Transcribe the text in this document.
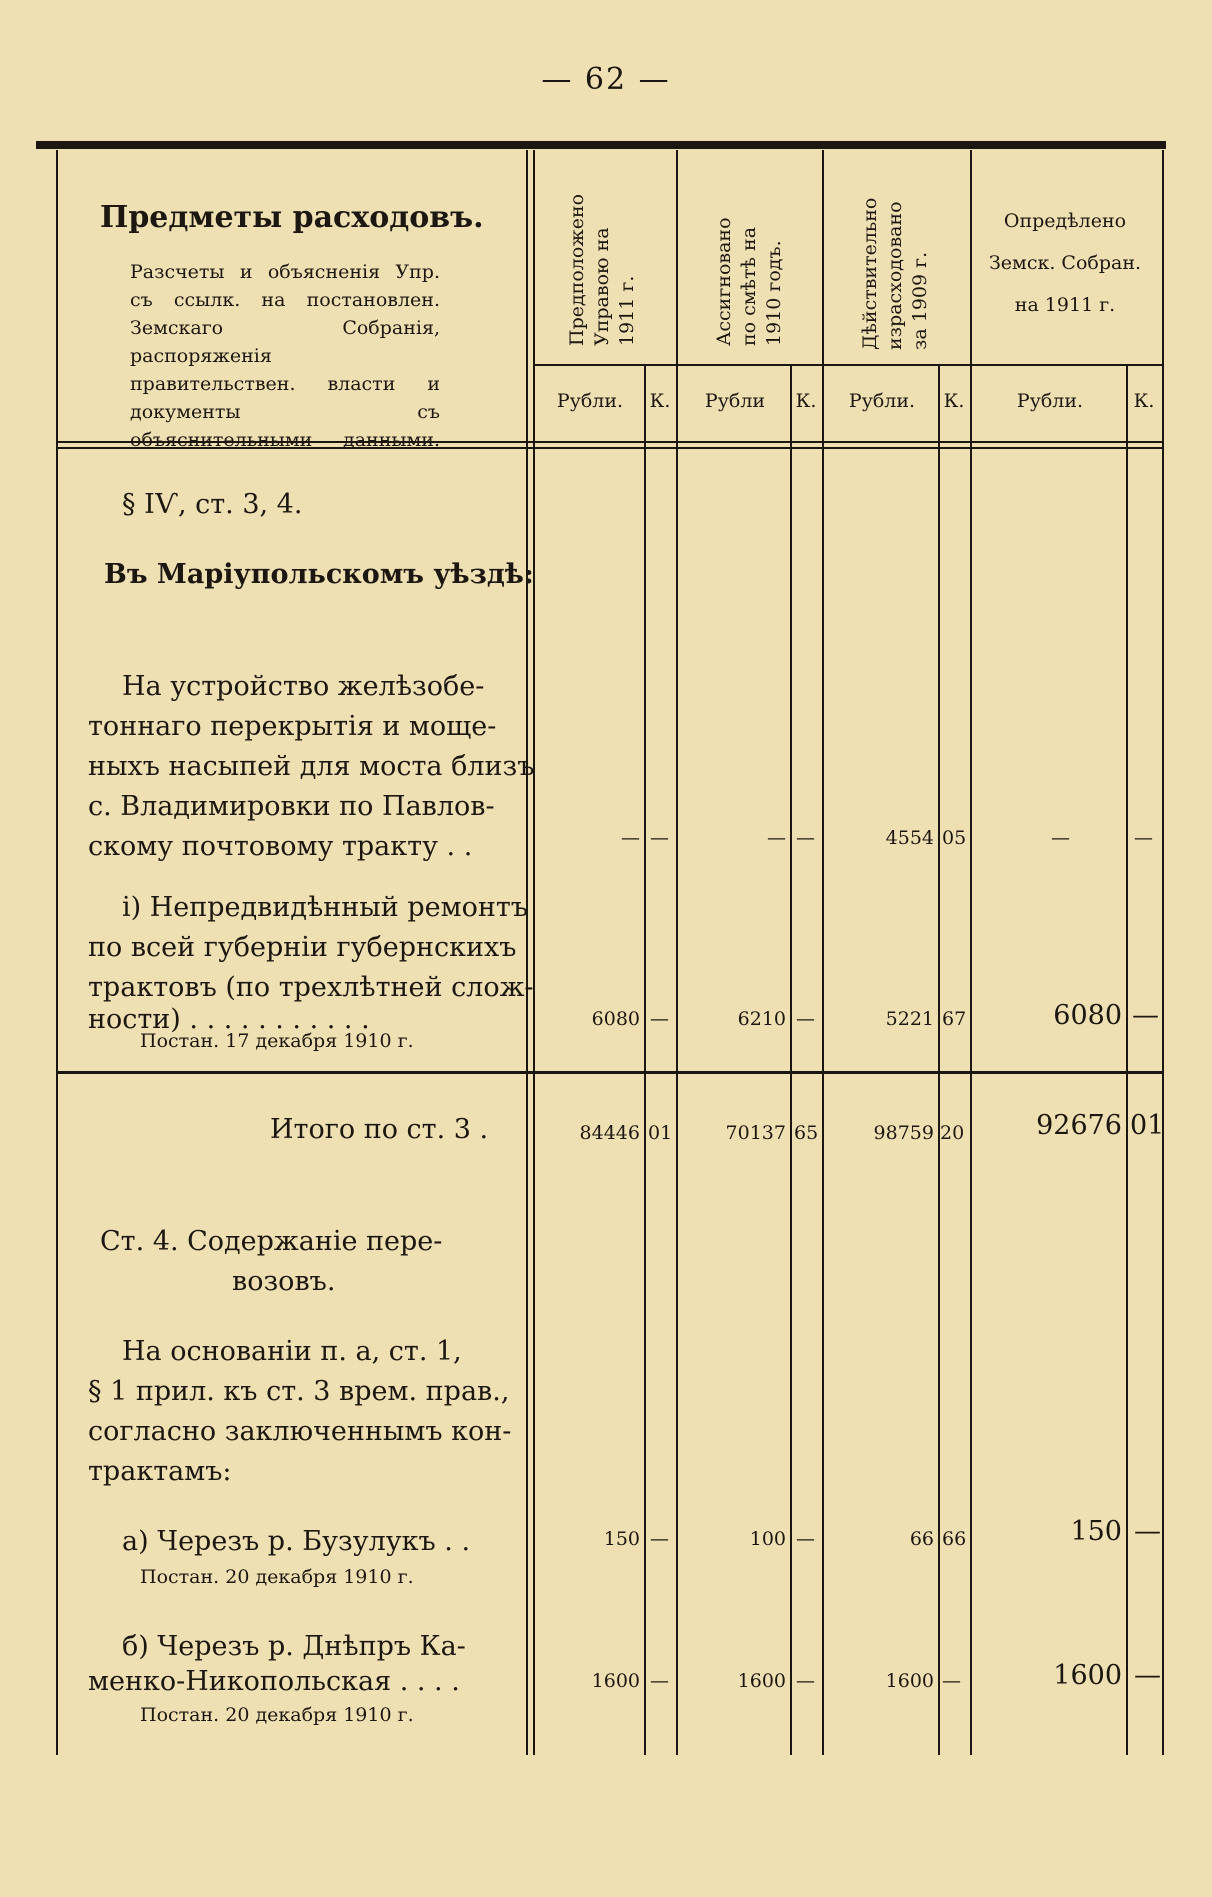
— 62 —
Предметы расходовъ.
Разсчеты и объясненія Упр. съ ссылк. на постановлен. Земскаго Собранія, распоряженія правительствен. власти и документы съ объяснительными данными.
Предположено
Управою на
1911 г.	Ассигновано
по смѣтѣ на
1910 годъ.	Дѣйствительно
израсходовано
за 1909 г.
Опредѣлено
Земск. Собран.
на 1911 г.
Рубли.	К.	Рубли	К.	Рубли.	К.	Рубли.	К.
§ IѴ, ст. 3, 4.
Въ Маріупольскомъ уѣздѣ:
На устройство желѣзобе-
тоннаго перекрытія и моще-
ныхъ насыпей для моста близъ
с. Владимировки по Павлов-
скому почтовому тракту . .	— —	— —	4554 05	—	—
і) Непредвидѣнный ремонтъ
по всей губерніи губернскихъ
трактовъ (по трехлѣтней слож-
ности) . . . . . . . . . . .
Постан. 17 декабря 1910 г.
6080 —	6210 —	5221 67	6080 —
Итого по ст. 3 .	84446 01	70137 65	98759 20	92676 01
Ст. 4. Содержаніе пере-
возовъ.
На основаніи п. а, ст. 1,
§ 1 прил. къ ст. 3 врем. прав.,
согласно заключеннымъ кон-
трактамъ:
а) Черезъ р. Бузулукъ . .
Постан. 20 декабря 1910 г.
150 —	100 —	66 66	150 —
б) Черезъ р. Днѣпръ Ка-
менко-Никопольская . . . .
Постан. 20 декабря 1910 г.
1600 —	1600 —	1600 —	1600 —
